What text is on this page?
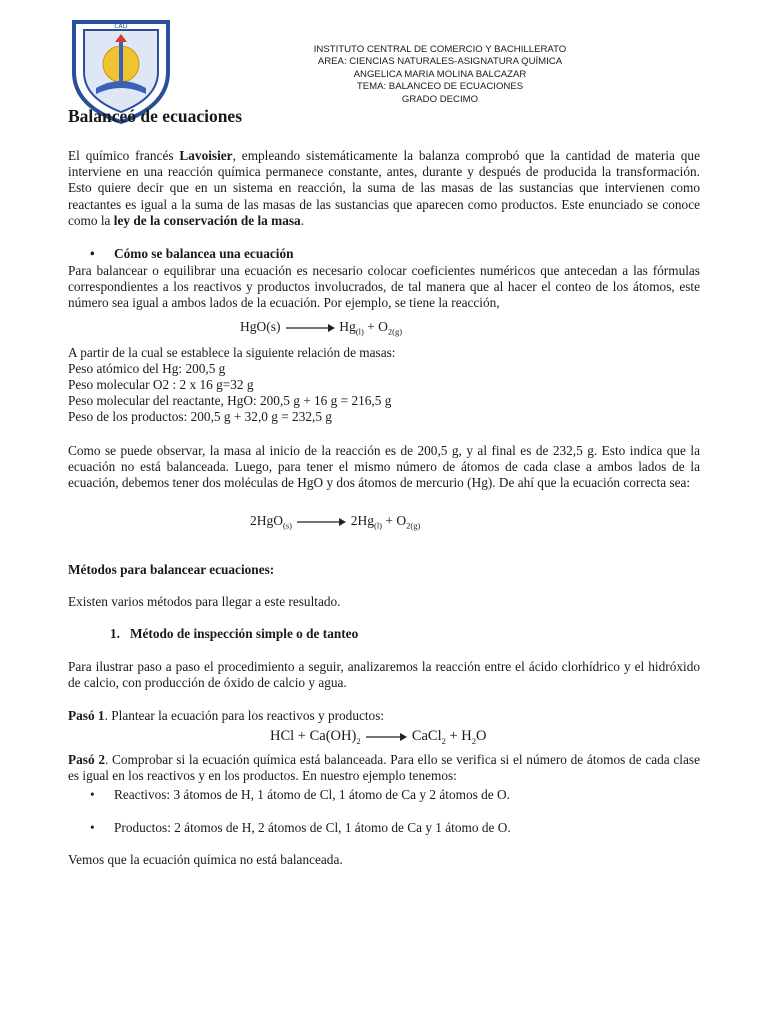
CALI
INSTITUTO CENTRAL DE COMERCIO Y BACHILLERATO
AREA: CIENCIAS NATURALES-ASIGNATURA QUÍMICA
ANGELICA MARIA MOLINA BALCAZAR
TEMA: BALANCEO DE ECUACIONES
GRADO DECIMO
Balanceó de ecuaciones
El químico francés Lavoisier, empleando sistemáticamente la balanza comprobó que la cantidad de materia que interviene en una reacción química permanece constante, antes, durante y después de producida la transformación. Esto quiere decir que en un sistema en reacción, la suma de las masas de las sustancias que intervienen como reactantes es igual a la suma de las masas de las sustancias que aparecen como productos. Este enunciado se conoce como la ley de la conservación de la masa.
• Cómo se balancea una ecuación
Para balancear o equilibrar una ecuación es necesario colocar coeficientes numéricos que antecedan a las fórmulas correspondientes a los reactivos y productos involucrados, de tal manera que al hacer el conteo de los átomos, este número sea igual a ambos lados de la ecuación. Por ejemplo, se tiene la reacción,
$HgO(s) \to Hg_{(l)} + O_{2(g)}$
A partir de la cual se establece la siguiente relación de masas:
Peso atómico del Hg: 200,5 g
Peso molecular O2 : 2 x 16 g=32 g
Peso molecular del reactante, HgO: 200,5 g + 16 g = 216,5 g
Peso de los productos: 200,5 g + 32,0 g = 232,5 g
Como se puede observar, la masa al inicio de la reacción es de 200,5 g, y al final es de 232,5 g. Esto indica que la ecuación no está balanceada. Luego, para tener el mismo número de átomos de cada clase a ambos lados de la ecuación, debemos tener dos moléculas de HgO y dos átomos de mercurio (Hg). De ahí que la ecuación correcta sea:
$2HgO_{(s)} \to 2Hg_{(l)} + O_{2(g)}$
Métodos para balancear ecuaciones:
Existen varios métodos para llegar a este resultado.
1. Método de inspección simple o de tanteo
Para ilustrar paso a paso el procedimiento a seguir, analizaremos la reacción entre el ácido clorhídrico y el hidróxido de calcio, con producción de óxido de calcio y agua.
Pasó 1. Plantear la ecuación para los reactivos y productos:
HCl + $Ca(OH)_2$ → CaCl$_2$ + $H_2O$
Pasó 2. Comprobar si la ecuación química está balanceada. Para ello se verifica si el número de átomos de cada clase es igual en los reactivos y en los productos. En nuestro ejemplo tenemos:
• Reactivos: 3 átomos de H, 1 átomo de Cl, 1 átomo de Ca y 2 átomos de O.
• Productos: 2 átomos de H, 2 átomos de Cl, 1 átomo de Ca y 1 átomo de O.
Vemos que la ecuación química no está balanceada.
